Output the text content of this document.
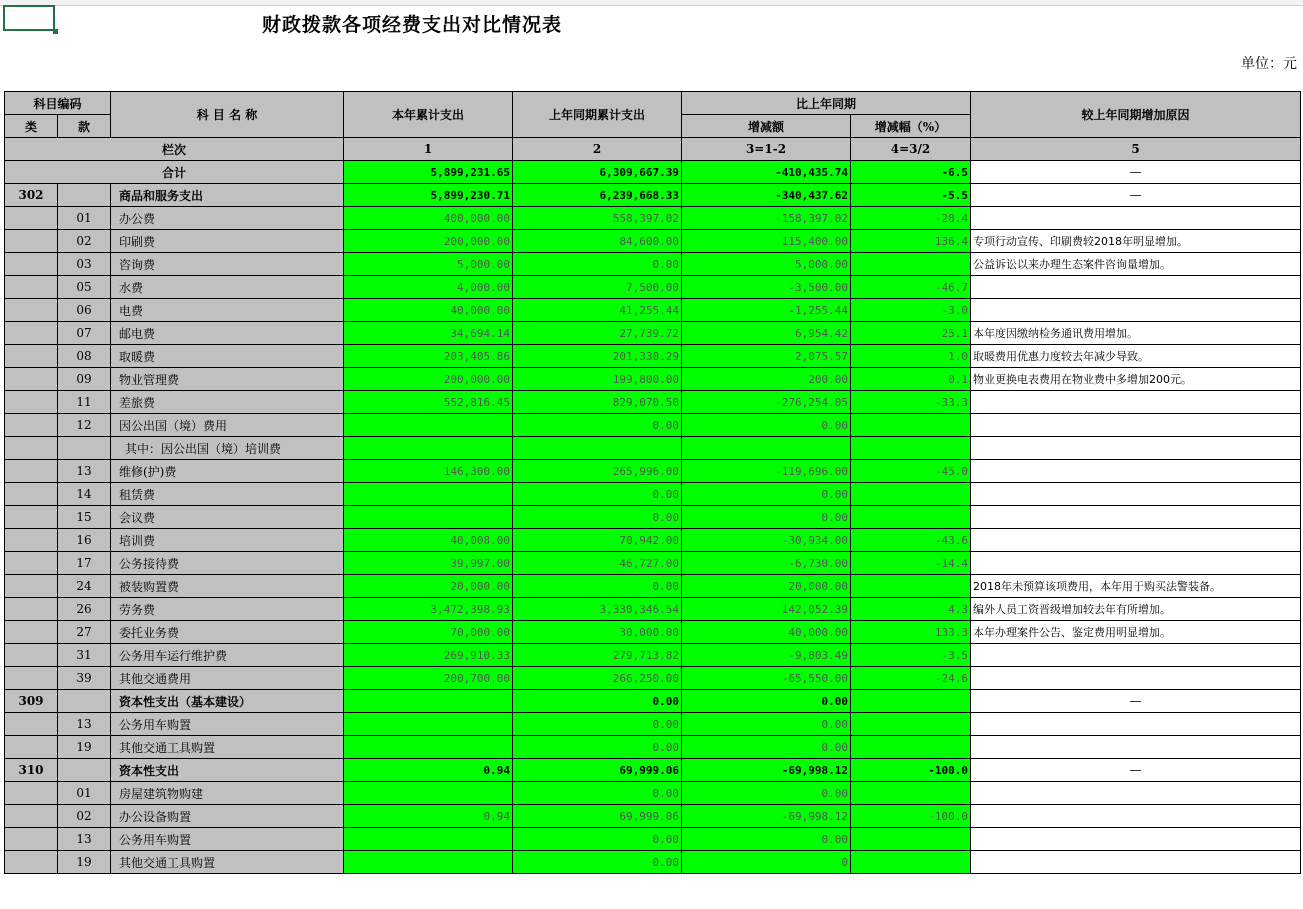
财政拨款各项经费支出对比情况表
单位：元
科目编码		科 目 名 称	本年累计支出	上年同期累计支出	比上年同期		较上年同期增加原因
类	款				增减额	增减幅（%）	
栏次			1	2	3=1-2	4=3/2	5
合计			5,899,231.65	6,309,667.39	-410,435.74	-6.5	—
302		商品和服务支出	5,899,230.71	6,239,668.33	-340,437.62	-5.5	—
	01	办公费	400,000.00	558,397.02	-158,397.02	-28.4	
	02	印刷费	200,000.00	84,600.00	115,400.00	136.4	专项行动宣传、印刷费较2018年明显增加。
	03	咨询费	5,000.00	0.00	5,000.00		公益诉讼以来办理生态案件咨询量增加。
	05	水费	4,000.00	7,500.00	-3,500.00	-46.7	
	06	电费	40,000.00	41,255.44	-1,255.44	-3.0	
	07	邮电费	34,694.14	27,739.72	6,954.42	25.1	本年度因缴纳检务通讯费用增加。
	08	取暖费	203,405.86	201,330.29	2,075.57	1.0	取暖费用优惠力度较去年减少导致。
	09	物业管理费	200,000.00	199,800.00	200.00	0.1	物业更换电表费用在物业费中多增加200元。
	11	差旅费	552,816.45	829,070.50	-276,254.05	-33.3	
	12	因公出国（境）费用		0.00	0.00		
		其中：因公出国（境）培训费					
	13	维修(护)费	146,300.00	265,996.00	-119,696.00	-45.0	
	14	租赁费		0.00	0.00		
	15	会议费		0.00	0.00		
	16	培训费	40,008.00	70,942.00	-30,934.00	-43.6	
	17	公务接待费	39,997.00	46,727.00	-6,730.00	-14.4	
	24	被装购置费	20,000.00	0.00	20,000.00		2018年未预算该项费用，本年用于购买法警装备。
	26	劳务费	3,472,398.93	3,330,346.54	142,052.39	4.3	编外人员工资晋级增加较去年有所增加。
	27	委托业务费	70,000.00	30,000.00	40,000.00	133.3	本年办理案件公告、鉴定费用明显增加。
	31	公务用车运行维护费	269,910.33	279,713.82	-9,803.49	-3.5	
	39	其他交通费用	200,700.00	266,250.00	-65,550.00	-24.6	
309		资本性支出（基本建设）		0.00	0.00		—
	13	公务用车购置		0.00	0.00		
	19	其他交通工具购置		0.00	0.00		
310		资本性支出	0.94	69,999.06	-69,998.12	-100.0	—
	01	房屋建筑物购建		0.00	0.00		
	02	办公设备购置	0.94	69,999.06	-69,998.12	-100.0	
	13	公务用车购置		0.00	0.00		
	19	其他交通工具购置		0.00	0		
